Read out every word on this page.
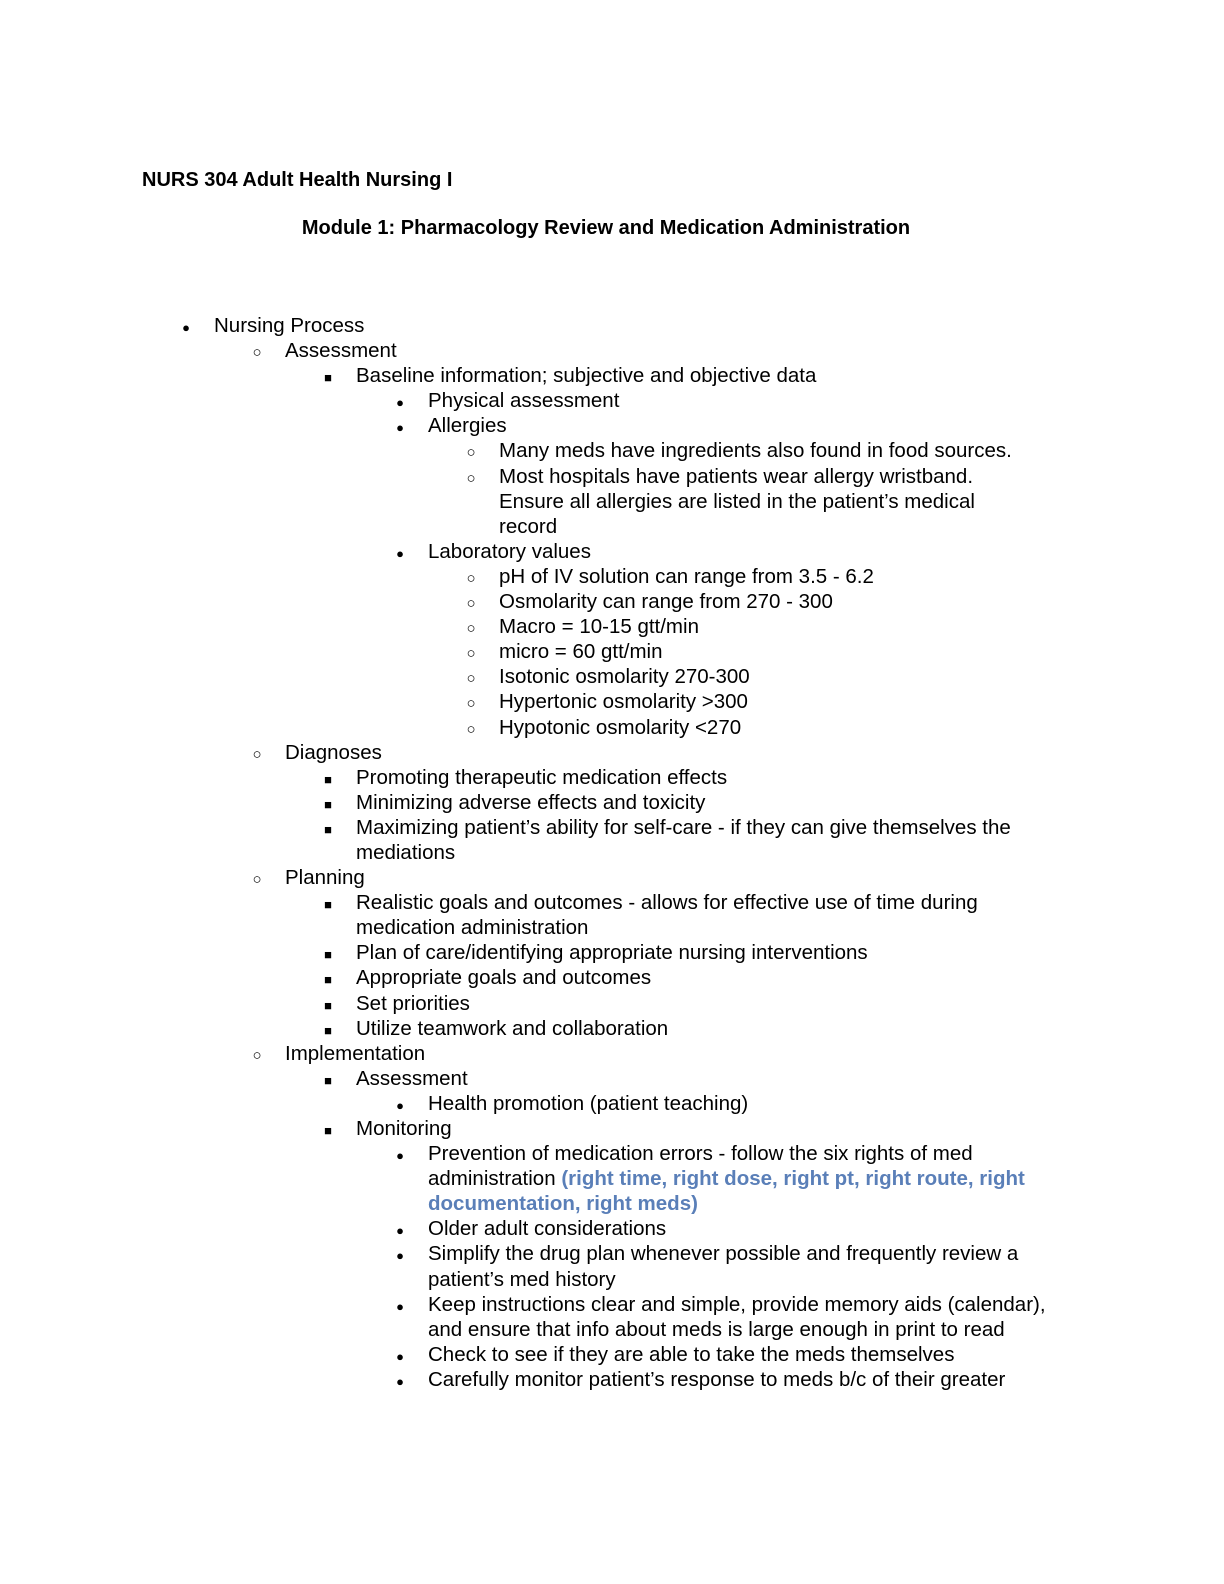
NURS 304 Adult Health Nursing I

Module 1: Pharmacology Review and Medication Administration

●
Nursing Process
○
Assessment
■
Baseline information; subjective and objective data
●
Physical assessment
●
Allergies
○
Many meds have ingredients also found in food sources.
○
Most hospitals have patients wear allergy wristband. Ensure all allergies are listed in the patient’s medical record
●
Laboratory values
○
pH of IV solution can range from 3.5 - 6.2
○
Osmolarity can range from 270 - 300
○
Macro = 10-15 gtt/min
○
micro = 60 gtt/min
○
Isotonic osmolarity 270-300
○
Hypertonic osmolarity >300
○
Hypotonic osmolarity <270
○
Diagnoses
■
Promoting therapeutic medication effects
■
Minimizing adverse effects and toxicity
■
Maximizing patient’s ability for self-care - if they can give themselves the mediations
○
Planning
■
Realistic goals and outcomes - allows for effective use of time during medication administration
■
Plan of care/identifying appropriate nursing interventions
■
Appropriate goals and outcomes
■
Set priorities
■
Utilize teamwork and collaboration
○
Implementation
■
Assessment
●
Health promotion (patient teaching)
■
Monitoring
●
Prevention of medication errors - follow the six rights of med administration (right time, right dose, right pt, right route, right documentation, right meds)
●
Older adult considerations
●
Simplify the drug plan whenever possible and frequently review a patient’s med history
●
Keep instructions clear and simple, provide memory aids (calendar), and ensure that info about meds is large enough in print to read
●
Check to see if they are able to take the meds themselves
●
Carefully monitor patient’s response to meds b/c of their greater
